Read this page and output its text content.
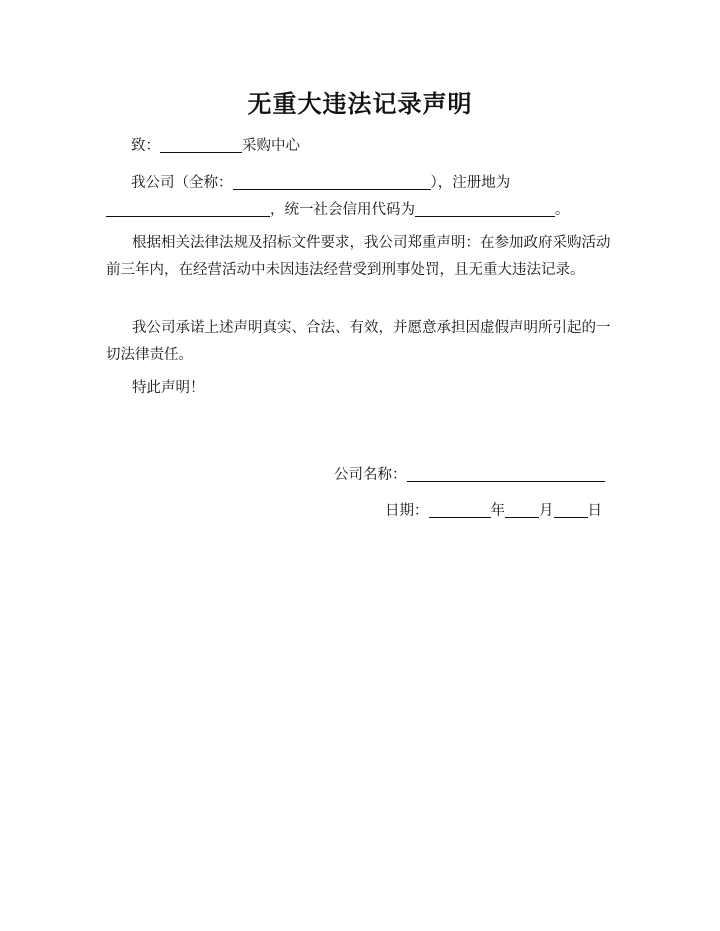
无重大违法记录声明
致：	采购中心
我公司（全称：	），注册地为
，统一社会信用代码为	。
根据相关法律法规及招标文件要求，我公司郑重声明：在参加政府采购活动前三年内，在经营活动中未因违法经营受到刑事处罚，且无重大违法记录。
我公司承诺上述声明真实、合法、有效，并愿意承担因虚假声明所引起的一切法律责任。
特此声明！
公司名称：
日期：	年 月 日
